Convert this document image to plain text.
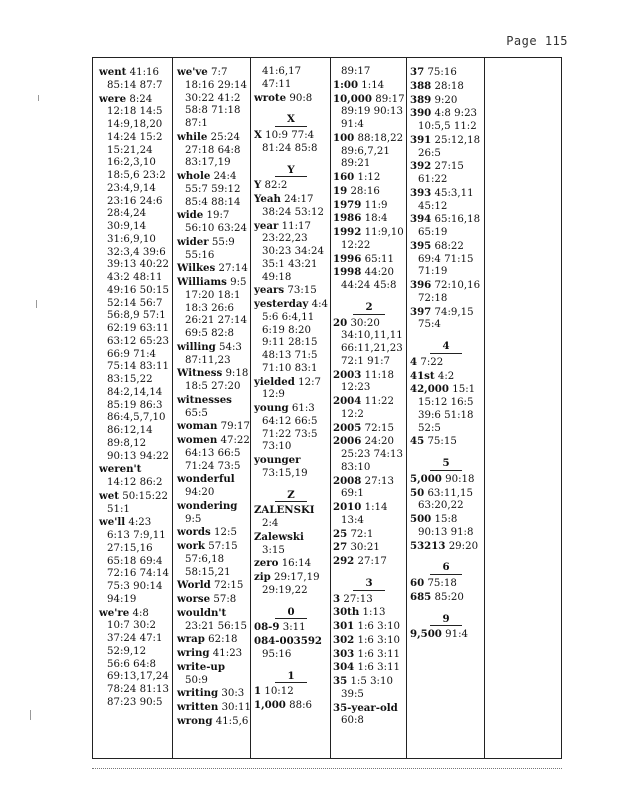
Page 115
went 41:16
85:14 87:7
were 8:24
12:18 14:5
14:9,18,20
14:24 15:2
15:21,24
16:2,3,10
18:5,6 23:2
23:4,9,14
23:16 24:6
28:4,24
30:9,14
31:6,9,10
32:3,4 39:6
39:13 40:22
43:2 48:11
49:16 50:15
52:14 56:7
56:8,9 57:1
62:19 63:11
63:12 65:23
66:9 71:4
75:14 83:11
83:15,22
84:2,14,14
85:19 86:3
86:4,5,7,10
86:12,14
89:8,12
90:13 94:22
weren't
14:12 86:2
wet 50:15:22
51:1
we'll 4:23
6:13 7:9,11
27:15,16
65:18 69:4
72:16 74:14
75:3 90:14
94:19
we're 4:8
10:7 30:2
37:24 47:1
52:9,12
56:6 64:8
69:13,17,24
78:24 81:13
87:23 90:5
we've 7:7
18:16 29:14
30:22 41:2
58:8 71:18
87:1
while 25:24
27:18 64:8
83:17,19
whole 24:4
55:7 59:12
85:4 88:14
wide 19:7
56:10 63:24
wider 55:9
55:16
Wilkes 27:14
Williams 9:5
17:20 18:1
18:3 26:6
26:21 27:14
69:5 82:8
willing 54:3
87:11,23
Witness 9:18
18:5 27:20
witnesses
65:5
woman 79:17
women 47:22
64:13 66:5
71:24 73:5
wonderful
94:20
wondering
9:5
words 12:5
work 57:15
57:6,18
58:15,21
World 72:15
worse 57:8
wouldn't
23:21 56:15
wrap 62:18
wring 41:23
write-up
50:9
writing 30:3
written 30:11
wrong 41:5,6
41:6,17
47:11
wrote 90:8
X
X 10:9 77:4
81:24 85:8
Y
Y 82:2
Yeah 24:17
38:24 53:12
year 11:17
23:22,23
30:23 34:24
35:1 43:21
49:18
years 73:15
yesterday 4:4
5:6 6:4,11
6:19 8:20
9:11 28:15
48:13 71:5
71:10 83:1
yielded 12:7
12:9
young 61:3
64:12 66:5
71:22 73:5
73:10
younger
73:15,19
Z
ZALENSKI
2:4
Zalewski
3:15
zero 16:14
zip 29:17,19
29:19,22
0
08-9 3:11
084-003592
95:16
1
1 10:12
1,000 88:6
89:17
1:00 1:14
10,000 89:17
89:19 90:13
91:4
100 88:18,22
89:6,7,21
89:21
160 1:12
19 28:16
1979 11:9
1986 18:4
1992 11:9,10
12:22
1996 65:11
1998 44:20
44:24 45:8
2
20 30:20
34:10,11,11
66:11,21,23
72:1 91:7
2003 11:18
12:23
2004 11:22
12:2
2005 72:15
2006 24:20
25:23 74:13
83:10
2008 27:13
69:1
2010 1:14
13:4
25 72:1
27 30:21
292 27:17
3
3 27:13
30th 1:13
301 1:6 3:10
302 1:6 3:10
303 1:6 3:11
304 1:6 3:11
35 1:5 3:10
39:5
35-year-old
60:8
37 75:16
388 28:18
389 9:20
390 4:8 9:23
10:5,5 11:2
391 25:12,18
26:5
392 27:15
61:22
393 45:3,11
45:12
394 65:16,18
65:19
395 68:22
69:4 71:15
71:19
396 72:10,16
72:18
397 74:9,15
75:4
4
4 7:22
41st 4:2
42,000 15:1
15:12 16:5
39:6 51:18
52:5
45 75:15
5
5,000 90:18
50 63:11,15
63:20,22
500 15:8
90:13 91:8
53213 29:20
6
60 75:18
685 85:20
9
9,500 91:4
